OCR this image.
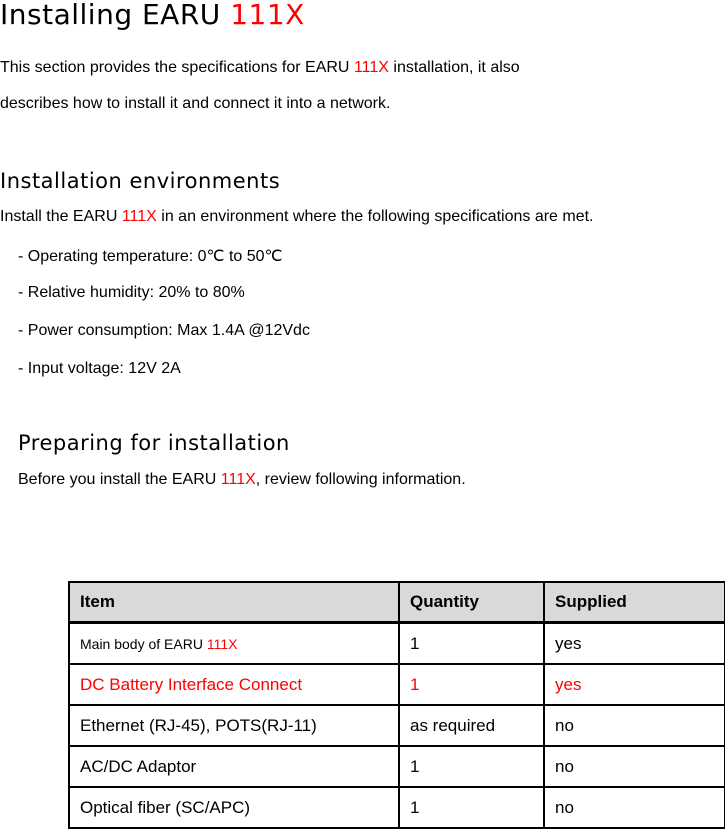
Installing EARU 111X

This section provides the specifications for EARU 111X installation, it also

describes how to install it and connect it into a network.

Installation environments

Install the EARU 111X in an environment where the following specifications are met.

- Operating temperature: 0℃ to 50℃

- Relative humidity: 20% to 80%

- Power consumption: Max 1.4A @12Vdc

- Input voltage: 12V 2A

Preparing for installation

Before you install the EARU 111X, review following information.

Item	Quantity	Supplied
Main body of EARU 111X	1	yes
DC Battery Interface Connect	1	yes
Ethernet (RJ-45), POTS(RJ-11)	as required	no
AC/DC Adaptor	1	no
Optical fiber (SC/APC)	1	no
